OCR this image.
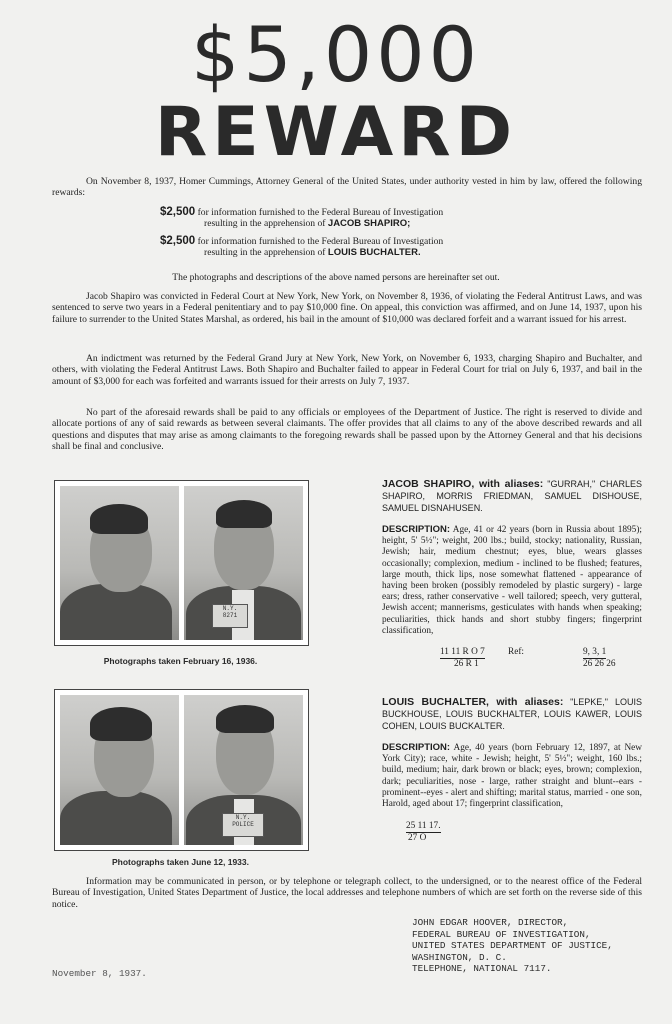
$5,000
REWARD

On November 8, 1937, Homer Cummings, Attorney General of the United States, under authority vested in him by law, offered the following rewards:

$2,500 for information furnished to the Federal Bureau of Investigation
resulting in the apprehension of JACOB SHAPIRO;
$2,500 for information furnished to the Federal Bureau of Investigation
resulting in the apprehension of LOUIS BUCHALTER.

The photographs and descriptions of the above named persons are hereinafter set out.

Jacob Shapiro was convicted in Federal Court at New York, New York, on November 8, 1936, of violating the Federal Antitrust Laws, and was sentenced to serve two years in a Federal penitentiary and to pay $10,000 fine. On appeal, this conviction was affirmed, and on June 14, 1937, upon his failure to surrender to the United States Marshal, as ordered, his bail in the amount of $10,000 was declared forfeit and a warrant issued for his arrest.

An indictment was returned by the Federal Grand Jury at New York, New York, on November 6, 1933, charging Shapiro and Buchalter, and others, with violating the Federal Antitrust Laws. Both Shapiro and Buchalter failed to appear in Federal Court for trial on July 6, 1937, and bail in the amount of $3,000 for each was forfeited and warrants issued for their arrests on July 7, 1937.

No part of the aforesaid rewards shall be paid to any officials or employees of the Department of Justice. The right is reserved to divide and allocate portions of any of said rewards as between several claimants. The offer provides that all claims to any of the above described rewards and all questions and disputes that may arise as among claimants to the foregoing rewards shall be passed upon by the Attorney General and that his decisions shall be final and conclusive.

N.Y.
8271
Photographs taken February 16, 1936.
JACOB SHAPIRO, with aliases: "GURRAH," CHARLES SHAPIRO, MORRIS FRIEDMAN, SAMUEL DISHOUSE, SAMUEL DISNAHUSEN.

DESCRIPTION: Age, 41 or 42 years (born in Russia about 1895); height, 5' 5½"; weight, 200 lbs.; build, stocky; nationality, Russian, Jewish; hair, medium chestnut; eyes, blue, wears glasses occasionally; complexion, medium - inclined to be flushed; features, large mouth, thick lips, nose somewhat flattened - appearance of having been broken (possibly remodeled by plastic surgery) - large ears; dress, rather conservative - well tailored; speech, very gutteral, Jewish accent; mannerisms, gesticulates with hands when speaking; peculiarities, thick hands and short stubby fingers; fingerprint classification,

11 11 R O 7 Ref:	9, 3, 1
26 R 1	26 26 26
N.Y.
POLICE
Photographs taken June 12, 1933.
LOUIS BUCHALTER, with aliases: "LEPKE," LOUIS BUCKHOUSE, LOUIS BUCKHALTER, LOUIS KAWER, LOUIS COHEN, LOUIS BUCKALTER.

DESCRIPTION: Age, 40 years (born February 12, 1897, at New York City); race, white - Jewish; height, 5' 5½"; weight, 160 lbs.; build, medium; hair, dark brown or black; eyes, brown; complexion, dark; peculiarities, nose - large, rather straight and blunt--ears - prominent--eyes - alert and shifting; marital status, married - one son, Harold, aged about 17; fingerprint classification,

25 11 17.
27 O

Information may be communicated in person, or by telephone or telegraph collect, to the undersigned, or to the nearest office of the Federal Bureau of Investigation, United States Department of Justice, the local addresses and telephone numbers of which are set forth on the reverse side of this notice.

JOHN EDGAR HOOVER, DIRECTOR,
FEDERAL BUREAU OF INVESTIGATION,
UNITED STATES DEPARTMENT OF JUSTICE,
WASHINGTON, D. C.
TELEPHONE, NATIONAL 7117.
November 8, 1937.
